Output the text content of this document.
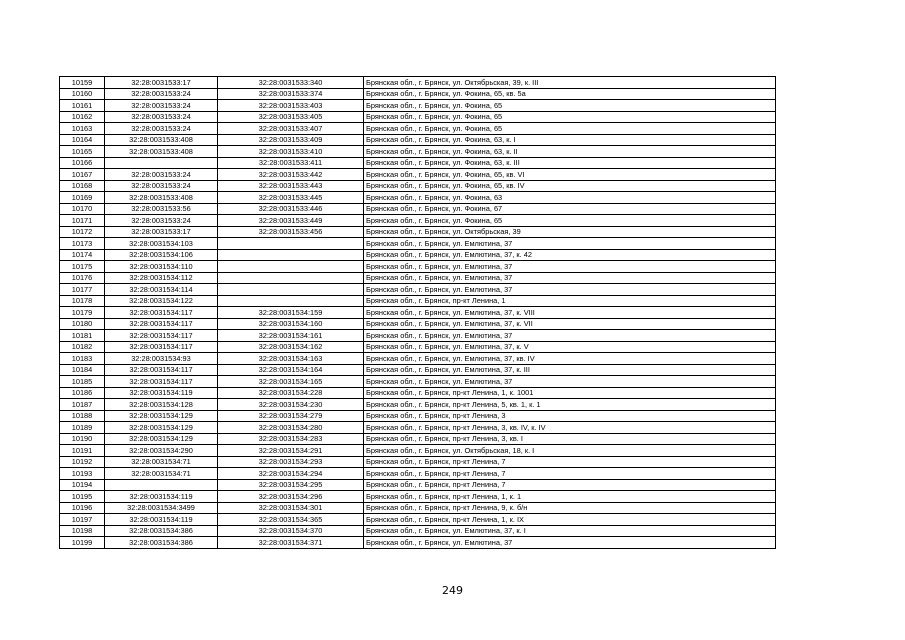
10159	32:28:0031533:17	32:28:0031533:340	Брянская обл., г. Брянск, ул. Октябрьская, 39, к. III
10160	32:28:0031533:24	32:28:0031533:374	Брянская обл., г. Брянск, ул. Фокина, 65, кв. 5а
10161	32:28:0031533:24	32:28:0031533:403	Брянская обл., г. Брянск, ул. Фокина, 65
10162	32:28:0031533:24	32:28:0031533:405	Брянская обл., г. Брянск, ул. Фокина, 65
10163	32:28:0031533:24	32:28:0031533:407	Брянская обл., г. Брянск, ул. Фокина, 65
10164	32:28:0031533:408	32:28:0031533:409	Брянская обл., г. Брянск, ул. Фокина, 63, к. I
10165	32:28:0031533:408	32:28:0031533:410	Брянская обл., г. Брянск, ул. Фокина, 63, к. II
10166		32:28:0031533:411	Брянская обл., г. Брянск, ул. Фокина, 63, к. III
10167	32:28:0031533:24	32:28:0031533:442	Брянская обл., г. Брянск, ул. Фокина, 65, кв. VI
10168	32:28:0031533:24	32:28:0031533:443	Брянская обл., г. Брянск, ул. Фокина, 65, кв. IV
10169	32:28:0031533:408	32:28:0031533:445	Брянская обл., г. Брянск, ул. Фокина, 63
10170	32:28:0031533:56	32:28:0031533:446	Брянская обл., г. Брянск, ул. Фокина, 67
10171	32:28:0031533:24	32:28:0031533:449	Брянская обл., г. Брянск, ул. Фокина, 65
10172	32:28:0031533:17	32:28:0031533:456	Брянская обл., г. Брянск, ул. Октябрьская, 39
10173	32:28:0031534:103		Брянская обл., г. Брянск, ул. Емлютина, 37
10174	32:28:0031534:106		Брянская обл., г. Брянск, ул. Емлютина, 37, к. 42
10175	32:28:0031534:110		Брянская обл., г. Брянск, ул. Емлютина, 37
10176	32:28:0031534:112		Брянская обл., г. Брянск, ул. Емлютина, 37
10177	32:28:0031534:114		Брянская обл., г. Брянск, ул. Емлютина, 37
10178	32:28:0031534:122		Брянская обл., г. Брянск, пр-кт Ленина, 1
10179	32:28:0031534:117	32:28:0031534:159	Брянская обл., г. Брянск, ул. Емлютина, 37, к. VIII
10180	32:28:0031534:117	32:28:0031534:160	Брянская обл., г. Брянск, ул. Емлютина, 37, к. VII
10181	32:28:0031534:117	32:28:0031534:161	Брянская обл., г. Брянск, ул. Емлютина, 37
10182	32:28:0031534:117	32:28:0031534:162	Брянская обл., г. Брянск, ул. Емлютина, 37, к. V
10183	32:28:0031534:93	32:28:0031534:163	Брянская обл., г. Брянск, ул. Емлютина, 37, кв. IV
10184	32:28:0031534:117	32:28:0031534:164	Брянская обл., г. Брянск, ул. Емлютина, 37, к. III
10185	32:28:0031534:117	32:28:0031534:165	Брянская обл., г. Брянск, ул. Емлютина, 37
10186	32:28:0031534:119	32:28:0031534:228	Брянская обл., г. Брянск, пр-кт Ленина, 1, к. 1001
10187	32:28:0031534:128	32:28:0031534:230	Брянская обл., г. Брянск, пр-кт Ленина, 5, кв. 1, к. 1
10188	32:28:0031534:129	32:28:0031534:279	Брянская обл., г. Брянск, пр-кт Ленина, 3
10189	32:28:0031534:129	32:28:0031534:280	Брянская обл., г. Брянск, пр-кт Ленина, 3, кв. IV, к. IV
10190	32:28:0031534:129	32:28:0031534:283	Брянская обл., г. Брянск, пр-кт Ленина, 3, кв. I
10191	32:28:0031534:290	32:28:0031534:291	Брянская обл., г. Брянск, ул. Октябрьская, 18, к. I
10192	32:28:0031534:71	32:28:0031534:293	Брянская обл., г. Брянск, пр-кт Ленина, 7
10193	32:28:0031534:71	32:28:0031534:294	Брянская обл., г. Брянск, пр-кт Ленина, 7
10194		32:28:0031534:295	Брянская обл., г. Брянск, пр-кт Ленина, 7
10195	32:28:0031534:119	32:28:0031534:296	Брянская обл., г. Брянск, пр-кт Ленина, 1, к. 1
10196	32:28:0031534:3499	32:28:0031534:301	Брянская обл., г. Брянск, пр-кт Ленина, 9, к. б/н
10197	32:28:0031534:119	32:28:0031534:365	Брянская обл., г. Брянск, пр-кт Ленина, 1, к. IX
10198	32:28:0031534:386	32:28:0031534:370	Брянская обл., г. Брянск, ул. Емлютина, 37, к. I
10199	32:28:0031534:386	32:28:0031534:371	Брянская обл., г. Брянск, ул. Емлютина, 37
249
